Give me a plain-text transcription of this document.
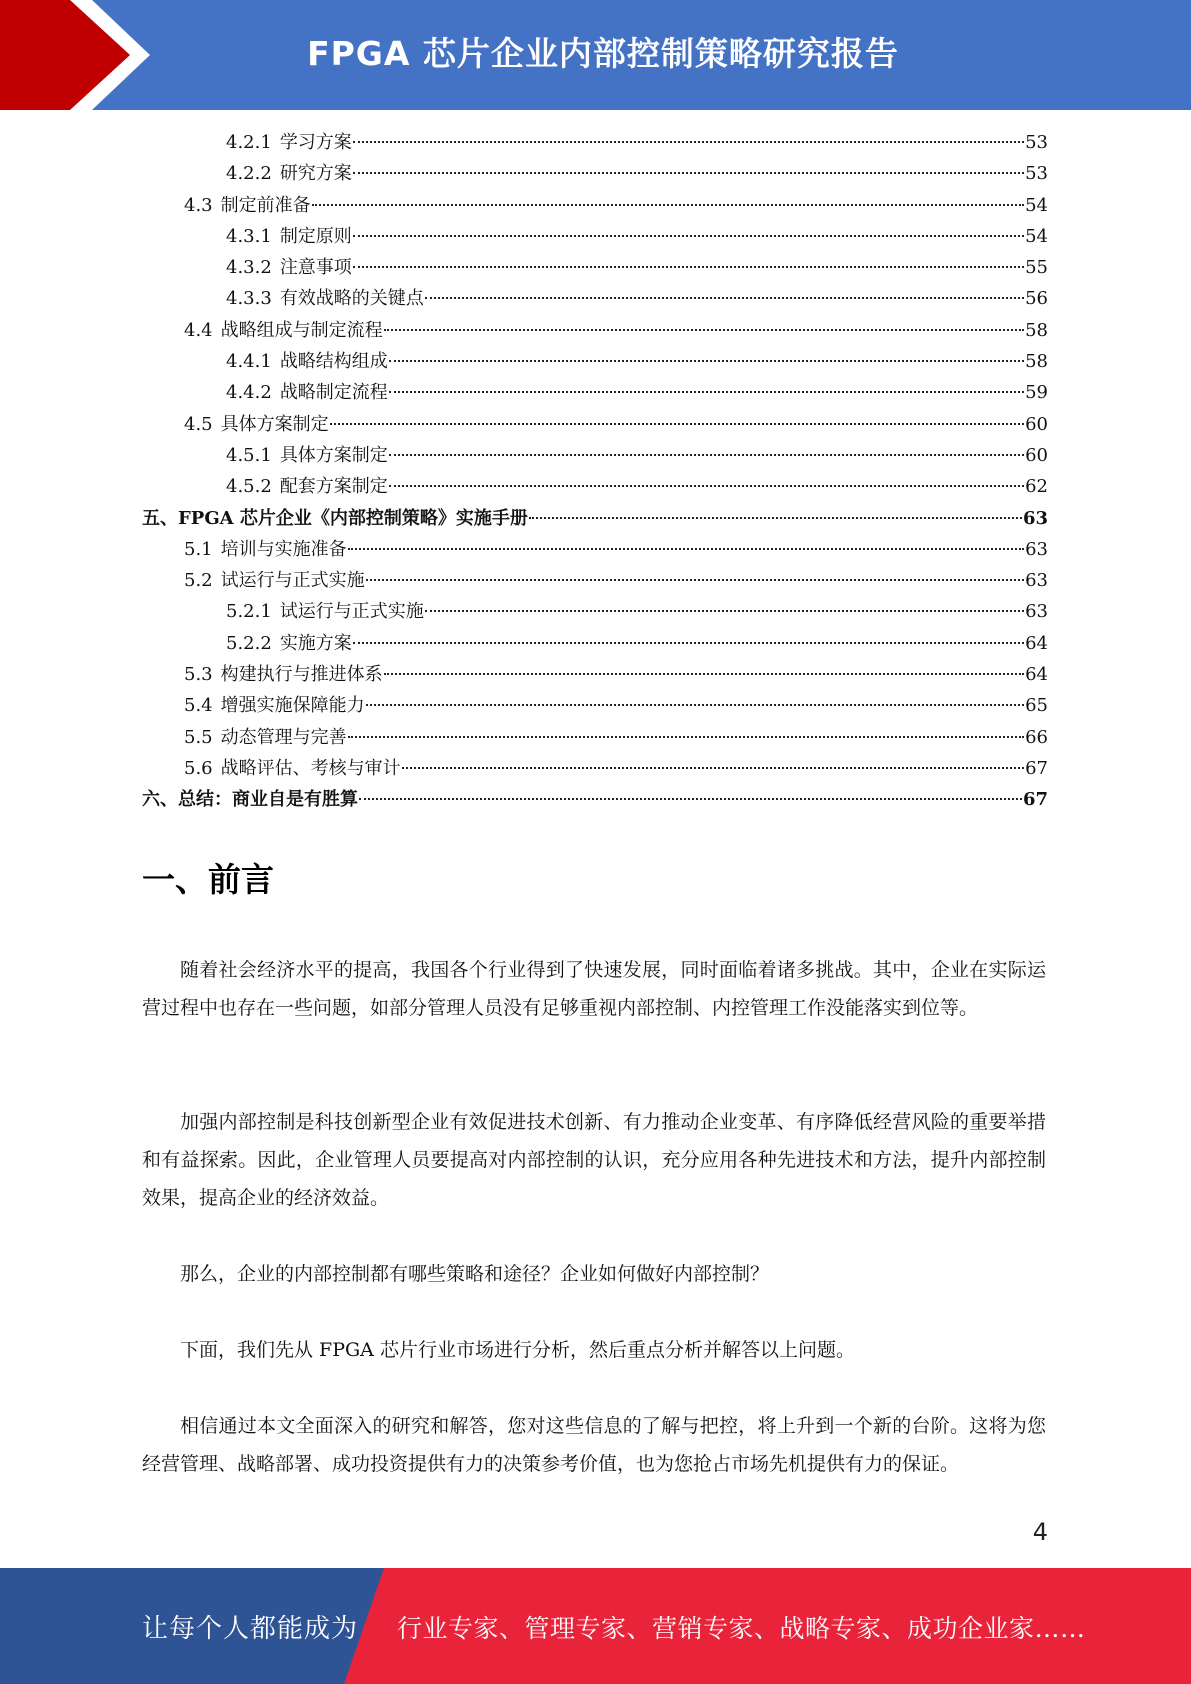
FPGA 芯片企业内部控制策略研究报告
4.2.1 学习方案	53
4.2.2 研究方案	53
4.3 制定前准备	54
4.3.1 制定原则	54
4.3.2 注意事项	55
4.3.3 有效战略的关键点	56
4.4 战略组成与制定流程	58
4.4.1 战略结构组成	58
4.4.2 战略制定流程	59
4.5 具体方案制定	60
4.5.1 具体方案制定	60
4.5.2 配套方案制定	62
五、FPGA 芯片企业《内部控制策略》实施手册	63
5.1 培训与实施准备	63
5.2 试运行与正式实施	63
5.2.1 试运行与正式实施	63
5.2.2 实施方案	64
5.3 构建执行与推进体系	64
5.4 增强实施保障能力	65
5.5 动态管理与完善	66
5.6 战略评估、考核与审计	67
六、总结：商业自是有胜算	67
一、前言

随着社会经济水平的提高，我国各个行业得到了快速发展，同时面临着诸多挑战。其中，企业在实际运营过程中也存在一些问题，如部分管理人员没有足够重视内部控制、内控管理工作没能落实到位等。

加强内部控制是科技创新型企业有效促进技术创新、有力推动企业变革、有序降低经营风险的重要举措和有益探索。因此，企业管理人员要提高对内部控制的认识，充分应用各种先进技术和方法，提升内部控制效果，提高企业的经济效益。

那么，企业的内部控制都有哪些策略和途径？企业如何做好内部控制？

下面，我们先从 FPGA 芯片行业市场进行分析，然后重点分析并解答以上问题。

相信通过本文全面深入的研究和解答，您对这些信息的了解与把控，将上升到一个新的台阶。这将为您经营管理、战略部署、成功投资提供有力的决策参考价值，也为您抢占市场先机提供有力的保证。

4
让每个人都能成为 行业专家、管理专家、营销专家、战略专家、成功企业家……
